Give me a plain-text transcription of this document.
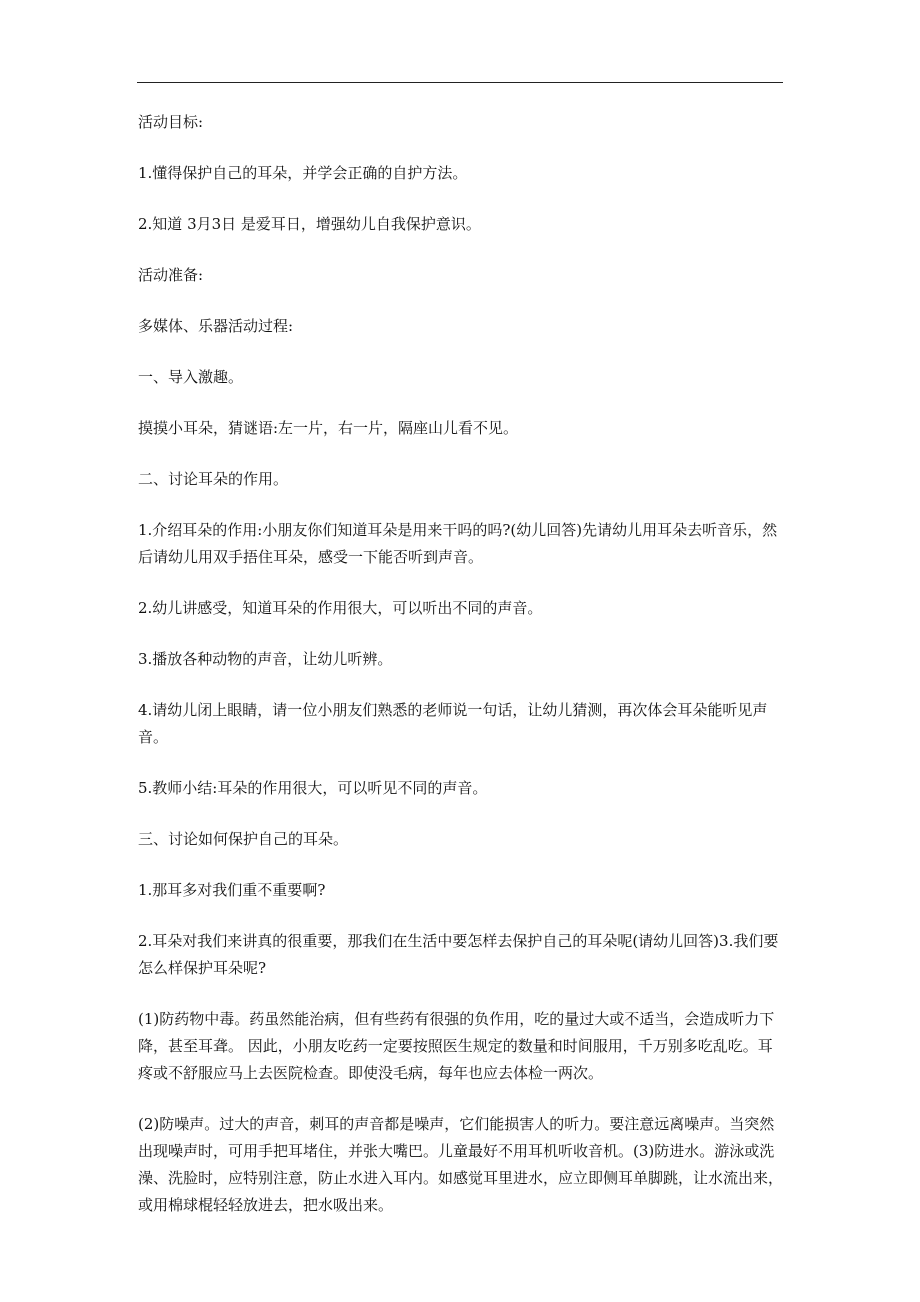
活动目标:

1.懂得保护自己的耳朵，并学会正确的自护方法。

2.知道 3月3日 是爱耳日，增强幼儿自我保护意识。

活动准备:

多媒体、乐器活动过程:

一、导入激趣。

摸摸小耳朵，猜谜语:左一片，右一片，隔座山儿看不见。

二、讨论耳朵的作用。

1.介绍耳朵的作用:小朋友你们知道耳朵是用来干吗的吗?(幼儿回答)先请幼儿用耳朵去听音乐，然后请幼儿用双手捂住耳朵，感受一下能否听到声音。

2.幼儿讲感受，知道耳朵的作用很大，可以听出不同的声音。

3.播放各种动物的声音，让幼儿听辨。

4.请幼儿闭上眼睛，请一位小朋友们熟悉的老师说一句话，让幼儿猜测，再次体会耳朵能听见声音。

5.教师小结:耳朵的作用很大，可以听见不同的声音。

三、讨论如何保护自己的耳朵。

1.那耳多对我们重不重要啊?

2.耳朵对我们来讲真的很重要，那我们在生活中要怎样去保护自己的耳朵呢(请幼儿回答)3.我们要怎么样保护耳朵呢?

(1)防药物中毒。药虽然能治病，但有些药有很强的负作用，吃的量过大或不适当，会造成听力下降，甚至耳聋。 因此，小朋友吃药一定要按照医生规定的数量和时间服用，千万别多吃乱吃。耳疼或不舒服应马上去医院检查。即使没毛病，每年也应去体检一两次。

(2)防噪声。过大的声音，刺耳的声音都是噪声，它们能损害人的听力。要注意远离噪声。当突然出现噪声时，可用手把耳堵住，并张大嘴巴。儿童最好不用耳机听收音机。(3)防进水。游泳或洗澡、洗脸时，应特别注意，防止水进入耳内。如感觉耳里进水，应立即侧耳单脚跳，让水流出来，或用棉球棍轻轻放进去，把水吸出来。
